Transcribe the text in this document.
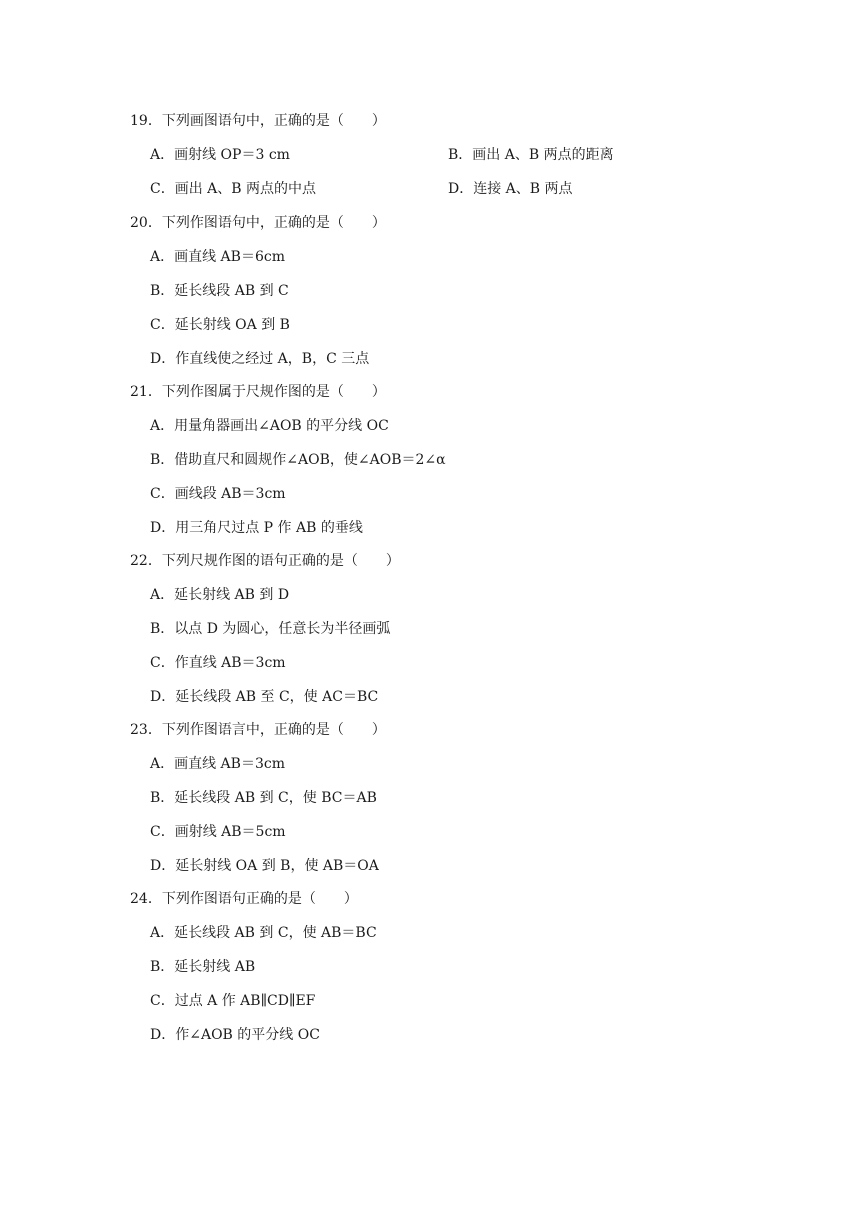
19．下列画图语句中，正确的是（　　）
A．画射线 OP＝3 cm	B．画出 A、B 两点的距离
C．画出 A、B 两点的中点	D．连接 A、B 两点
20．下列作图语句中，正确的是（　　）
A．画直线 AB＝6cm
B．延长线段 AB 到 C
C．延长射线 OA 到 B
D．作直线使之经过 A，B，C 三点
21．下列作图属于尺规作图的是（　　）
A．用量角器画出∠AOB 的平分线 OC
B．借助直尺和圆规作∠AOB，使∠AOB＝2∠α
C．画线段 AB＝3cm
D．用三角尺过点 P 作 AB 的垂线
22．下列尺规作图的语句正确的是（　　）
A．延长射线 AB 到 D
B．以点 D 为圆心，任意长为半径画弧
C．作直线 AB＝3cm
D．延长线段 AB 至 C，使 AC＝BC
23．下列作图语言中，正确的是（　　）
A．画直线 AB＝3cm
B．延长线段 AB 到 C，使 BC＝AB
C．画射线 AB＝5cm
D．延长射线 OA 到 B，使 AB＝OA
24．下列作图语句正确的是（　　）
A．延长线段 AB 到 C，使 AB＝BC
B．延长射线 AB
C．过点 A 作 AB∥CD∥EF
D．作∠AOB 的平分线 OC
